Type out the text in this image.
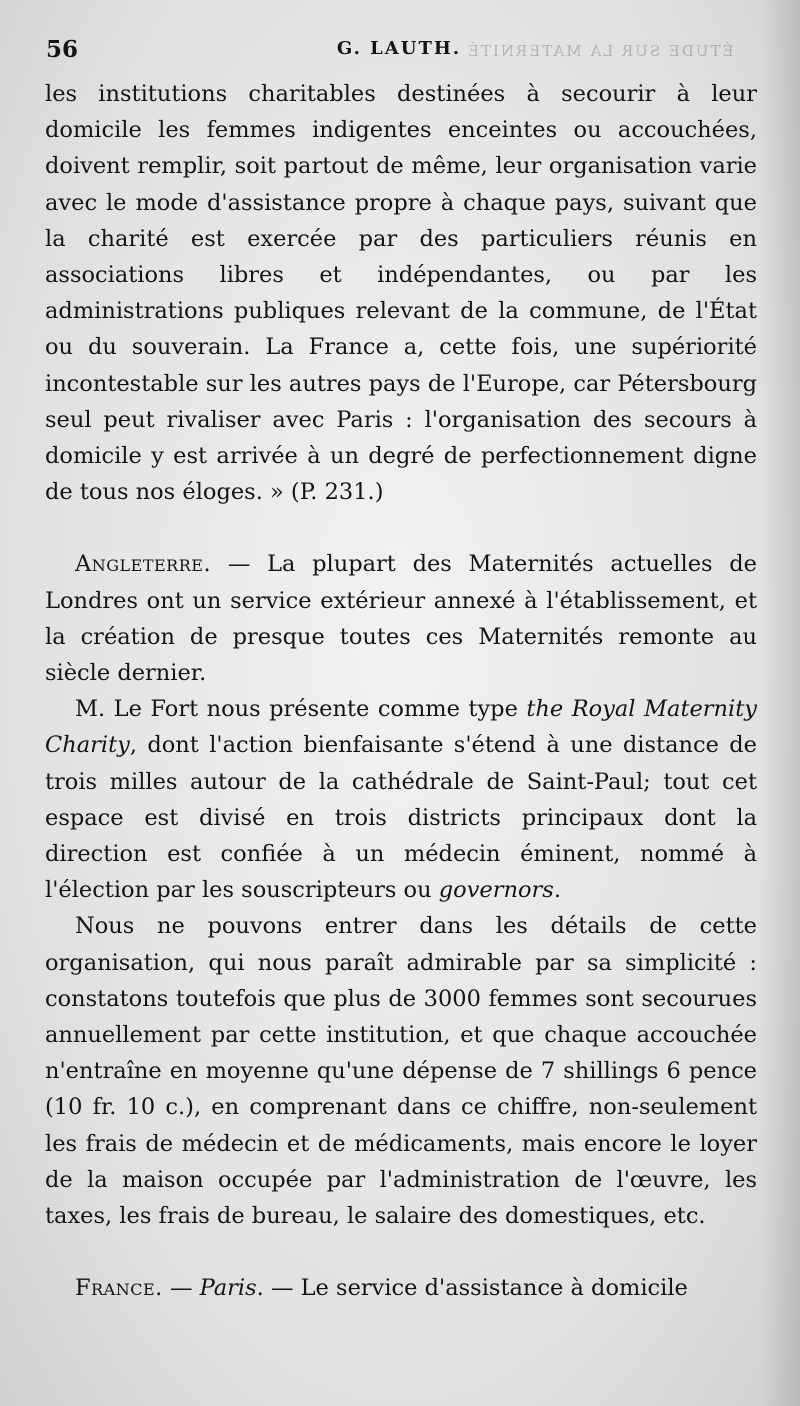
56	G. LAUTH. ÉTUDE SUR LA MATERNITÉ

les institutions charitables destinées à secourir à leur domicile les femmes indigentes enceintes ou accouchées, doivent remplir, soit partout de même, leur organisation varie avec le mode d'assistance propre à chaque pays, suivant que la charité est exercée par des particuliers réunis en associations libres et indépendantes, ou par les administrations publiques relevant de la commune, de l'État ou du souverain. La France a, cette fois, une supériorité incontestable sur les autres pays de l'Europe, car Pétersbourg seul peut rivaliser avec Paris : l'organisation des secours à domicile y est arrivée à un degré de perfectionnement digne de tous nos éloges. » (P. 231.)

Angleterre. — La plupart des Maternités actuelles de Londres ont un service extérieur annexé à l'établissement, et la création de presque toutes ces Maternités remonte au siècle dernier.

M. Le Fort nous présente comme type the Royal Maternity Charity, dont l'action bienfaisante s'étend à une distance de trois milles autour de la cathédrale de Saint-Paul; tout cet espace est divisé en trois districts principaux dont la direction est confiée à un médecin éminent, nommé à l'élection par les souscripteurs ou governors.

Nous ne pouvons entrer dans les détails de cette organisation, qui nous paraît admirable par sa simplicité : constatons toutefois que plus de 3000 femmes sont secourues annuellement par cette institution, et que chaque accouchée n'entraîne en moyenne qu'une dépense de 7 shillings 6 pence (10 fr. 10 c.), en comprenant dans ce chiffre, non-seulement les frais de médecin et de médicaments, mais encore le loyer de la maison occupée par l'administration de l'œuvre, les taxes, les frais de bureau, le salaire des domestiques, etc.

France. — Paris. — Le service d'assistance à domicile
